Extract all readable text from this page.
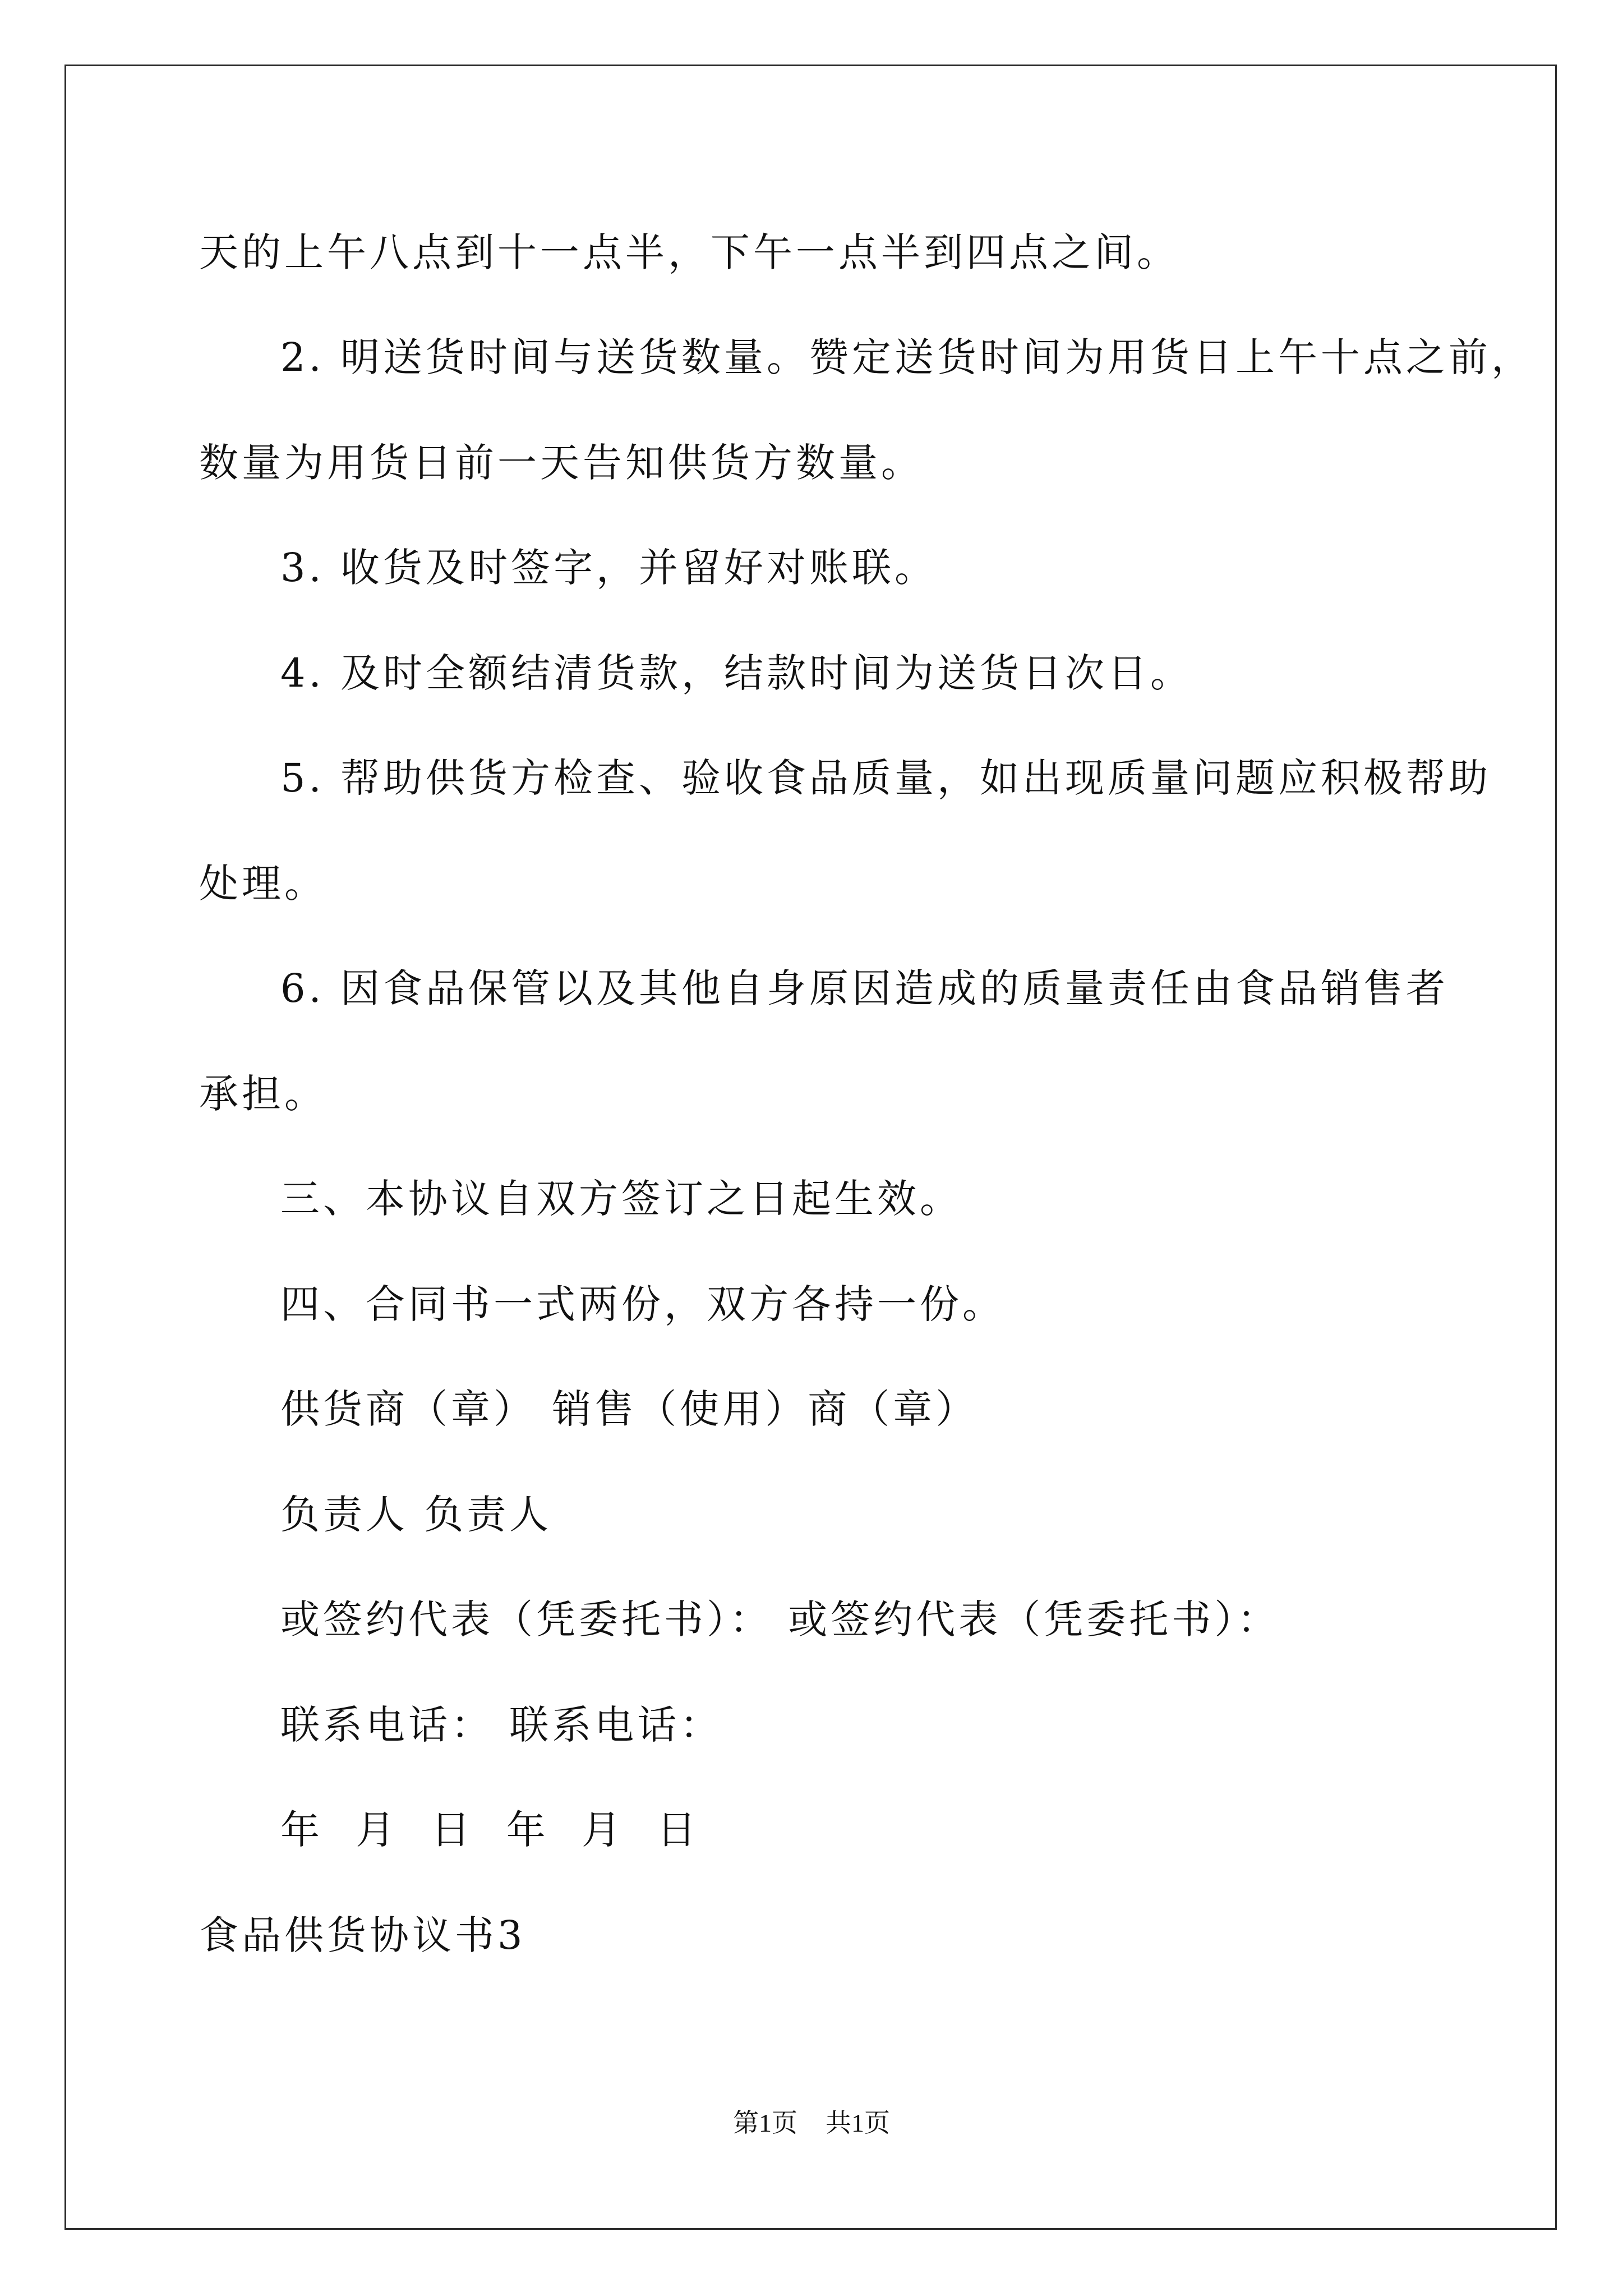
天的上午八点到十一点半，下午一点半到四点之间。
2. 明送货时间与送货数量。赞定送货时间为用货日上午十点之前，
数量为用货日前一天告知供货方数量。
3. 收货及时签字，并留好对账联。
4. 及时全额结清货款，结款时间为送货日次日。
5. 帮助供货方检查、验收食品质量，如出现质量问题应积极帮助
处理。
6. 因食品保管以及其他自身原因造成的质量责任由食品销售者
承担。
三、本协议自双方签订之日起生效。
四、合同书一式两份，双方各持一份。
供货商（章） 销售（使用）商（章）
负责人 负责人
或签约代表（凭委托书）： 或签约代表（凭委托书）：
联系电话： 联系电话：
年 月 日 年 月 日
食品供货协议书3
第1页 共1页
